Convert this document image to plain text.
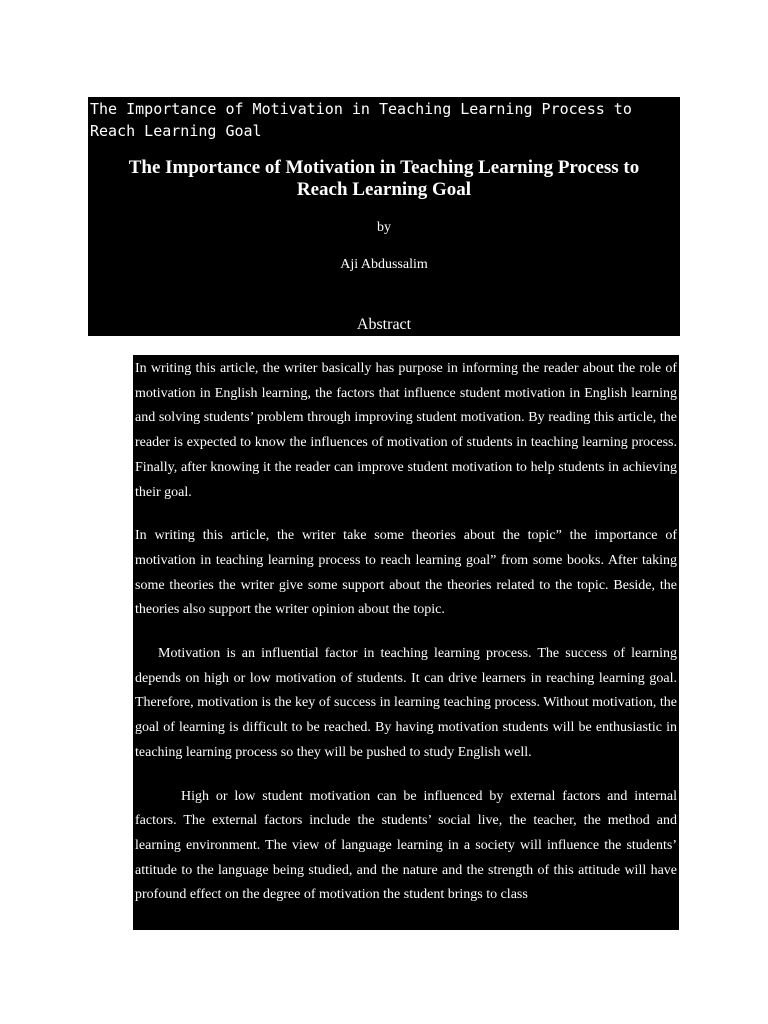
The Importance of Motivation in Teaching Learning Process to Reach Learning Goal
The Importance of Motivation in Teaching Learning Process to Reach Learning Goal
by
Aji Abdussalim
Abstract

In writing this article, the writer basically has purpose in informing the reader about the role of motivation in English learning, the factors that influence student motivation in English learning and solving students’ problem through improving student motivation. By reading this article, the reader is expected to know the influences of motivation of students in teaching learning process. Finally, after knowing it the reader can improve student motivation to help students in achieving their goal.

In writing this article, the writer take some theories about the topic” the importance of motivation in teaching learning process to reach learning goal” from some books. After taking some theories the writer give some support about the theories related to the topic. Beside, the theories also support the writer opinion about the topic.

Motivation is an influential factor in teaching learning process. The success of learning depends on high or low motivation of students. It can drive learners in reaching learning goal. Therefore, motivation is the key of success in learning teaching process. Without motivation, the goal of learning is difficult to be reached. By having motivation students will be enthusiastic in teaching learning process so they will be pushed to study English well.

High or low student motivation can be influenced by external factors and internal factors. The external factors include the students’ social live, the teacher, the method and learning environment. The view of language learning in a society will influence the students’ attitude to the language being studied, and the nature and the strength of this attitude will have profound effect on the degree of motivation the student brings to class
